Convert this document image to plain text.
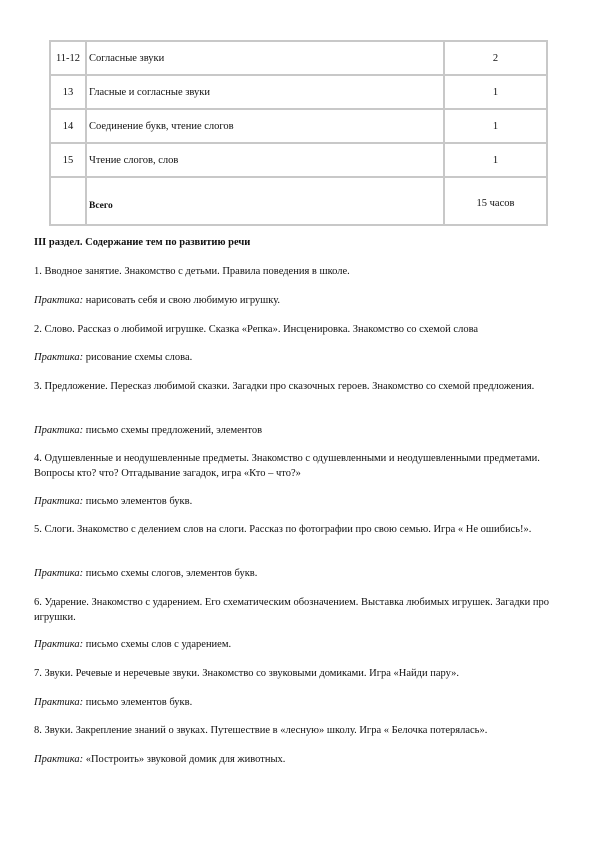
11-12	Согласные звуки	2
13	Гласные и согласные звуки	1
14	Соединение букв, чтение слогов	1
15	Чтение слогов, слов	1
	Всего	15 часов

III раздел. Содержание тем по развитию речи

1. Вводное занятие. Знакомство с детьми. Правила поведения в школе.

Практика: нарисовать себя и свою любимую игрушку.

2. Слово. Рассказ о любимой игрушке. Сказка «Репка». Инсценировка. Знакомство со схемой слова

Практика: рисование схемы слова.

3. Предложение. Пересказ любимой сказки. Загадки про сказочных героев. Знакомство со схемой предложения.

Практика: письмо схемы предложений, элементов

4. Одушевленные и неодушевленные предметы. Знакомство с одушевленными и неодушевленными предметами. Вопросы кто? что? Отгадывание загадок, игра «Кто – что?»

Практика: письмо элементов букв.

5. Слоги. Знакомство с делением слов на слоги. Рассказ по фотографии про свою семью. Игра « Не ошибись!».

Практика: письмо схемы слогов, элементов букв.

6. Ударение. Знакомство с ударением. Его схематическим обозначением. Выставка любимых игрушек. Загадки про игрушки.

Практика: письмо схемы слов с ударением.

7. Звуки. Речевые и неречевые звуки. Знакомство со звуковыми домиками. Игра «Найди пару».

Практика: письмо элементов букв.

8. Звуки. Закрепление знаний о звуках. Путешествие в «лесную» школу. Игра « Белочка потерялась».

Практика: «Построить» звуковой домик для животных.
